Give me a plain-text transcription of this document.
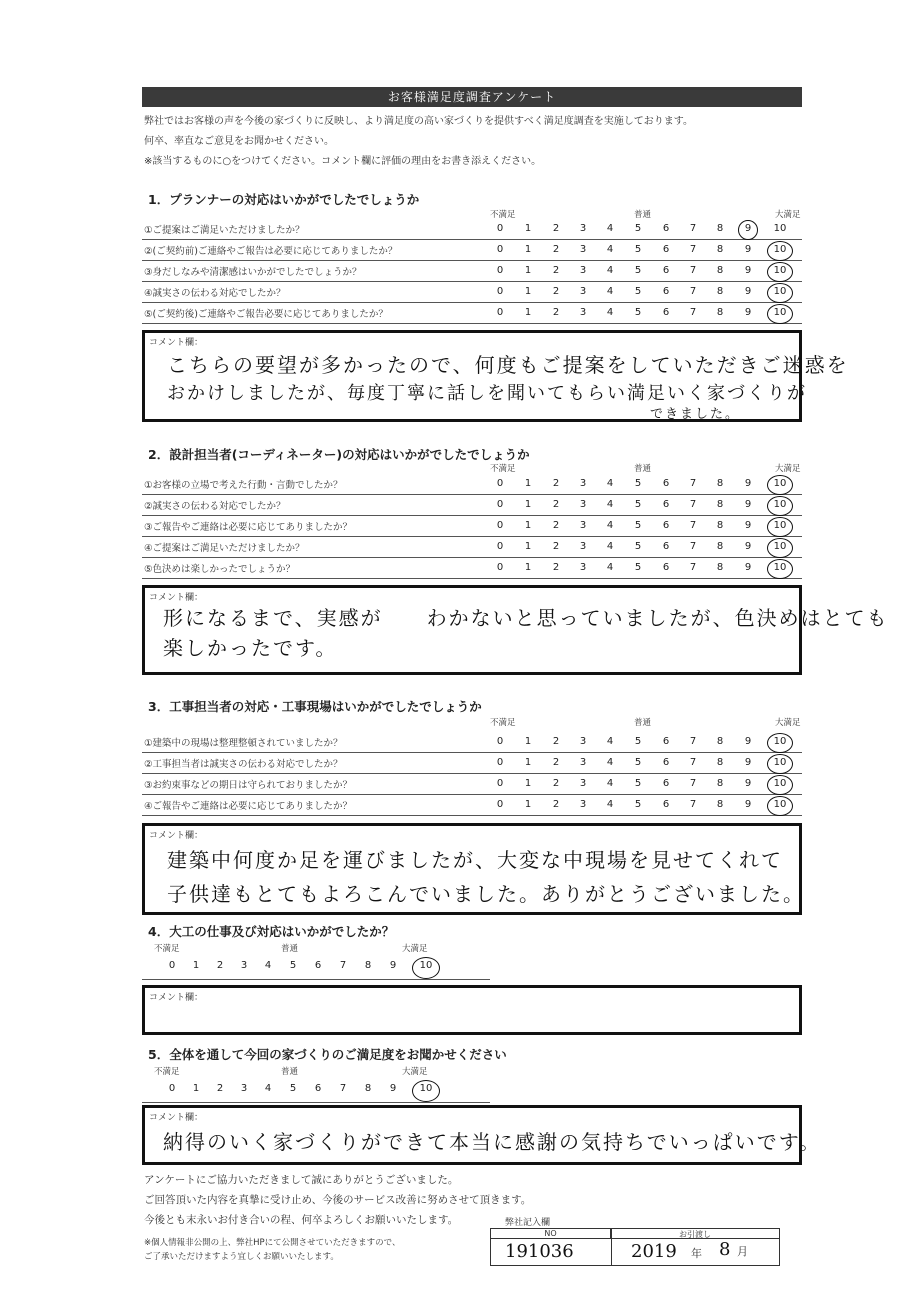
お客様満足度調査アンケート
弊社ではお客様の声を今後の家づくりに反映し、より満足度の高い家づくりを提供すべく満足度調査を実施しております。
何卒、率直なご意見をお聞かせください。
※該当するものに○をつけてください。コメント欄に評価の理由をお書き添えください。
1．プランナーの対応はいかがでしたでしょうか
不満足	普通	大満足
①ご提案はご満足いただけましたか？	0	1	2	3	4	5	6	7	8	9	10
②(ご契約前)ご連絡やご報告は必要に応じてありましたか？	0	1	2	3	4	5	6	7	8	9	10
③身だしなみや清潔感はいかがでしたでしょうか？	0	1	2	3	4	5	6	7	8	9	10
④誠実さの伝わる対応でしたか？	0	1	2	3	4	5	6	7	8	9	10
⑤(ご契約後)ご連絡やご報告必要に応じてありましたか？	0	1	2	3	4	5	6	7	8	9	10
コメント欄：
こちらの要望が多かったので、何度もご提案をしていただきご迷惑を
おかけしましたが、毎度丁寧に話しを聞いてもらい満足いく家づくりが
できました。
2．設計担当者(コーディネーター)の対応はいかがでしたでしょうか
不満足	普通	大満足
①お客様の立場で考えた行動・言動でしたか？	0	1	2	3	4	5	6	7	8	9	10
②誠実さの伝わる対応でしたか？	0	1	2	3	4	5	6	7	8	9	10
③ご報告やご連絡は必要に応じてありましたか？	0	1	2	3	4	5	6	7	8	9	10
④ご提案はご満足いただけましたか？	0	1	2	3	4	5	6	7	8	9	10
⑤色決めは楽しかったでしょうか？	0	1	2	3	4	5	6	7	8	9	10
コメント欄：
形になるまで、実感が　　わかないと思っていましたが、色決めはとても
楽しかったです。
3．工事担当者の対応・工事現場はいかがでしたでしょうか
不満足	普通	大満足
①建築中の現場は整理整頓されていましたか？	0	1	2	3	4	5	6	7	8	9	10
②工事担当者は誠実さの伝わる対応でしたか？	0	1	2	3	4	5	6	7	8	9	10
③お約束事などの期日は守られておりましたか？	0	1	2	3	4	5	6	7	8	9	10
④ご報告やご連絡は必要に応じてありましたか？	0	1	2	3	4	5	6	7	8	9	10
コメント欄：
建築中何度か足を運びましたが、大変な中現場を見せてくれて
子供達もとてもよろこんでいました。ありがとうございました。
4．大工の仕事及び対応はいかがでしたか？
不満足	普通	大満足
0	1	2	3	4	5	6	7	8	9	10
コメント欄：
5．全体を通して今回の家づくりのご満足度をお聞かせください
不満足	普通	大満足
0	1	2	3	4	5	6	7	8	9	10
コメント欄：
納得のいく家づくりができて本当に感謝の気持ちでいっぱいです。
アンケートにご協力いただきまして誠にありがとうございました。
ご回答頂いた内容を真摯に受け止め、今後のサービス改善に努めさせて頂きます。
今後とも末永いお付き合いの程、何卒よろしくお願いいたします。
※個人情報非公開の上、弊社HPにて公開させていただきますので、
ご了承いただけますよう宜しくお願いいたします。
弊社記入欄
NO	お引渡し
191036	2019 年 8 月
